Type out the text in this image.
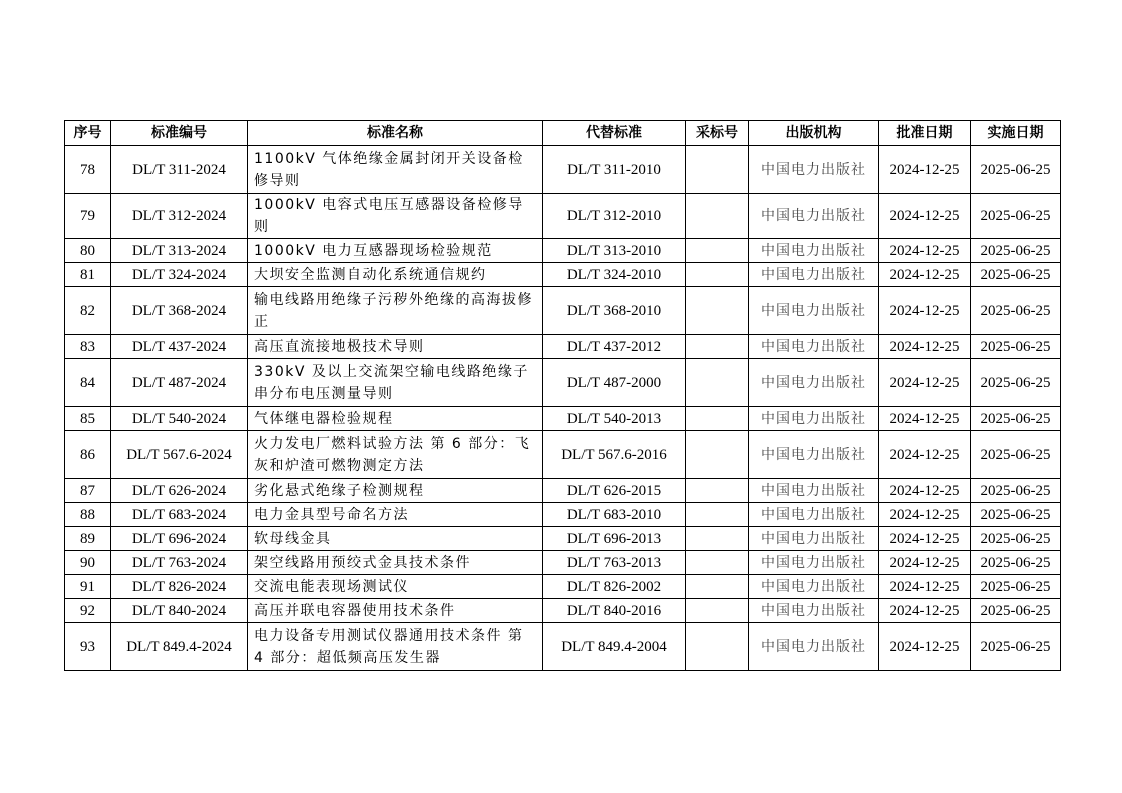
序号	标准编号	标准名称	代替标准	采标号	出版机构	批准日期	实施日期
78	DL/T 311-2024	1100kV 气体绝缘金属封闭开关设备检修导则	DL/T 311-2010		中国电力出版社	2024-12-25	2025-06-25
79	DL/T 312-2024	1000kV 电容式电压互感器设备检修导则	DL/T 312-2010		中国电力出版社	2024-12-25	2025-06-25
80	DL/T 313-2024	1000kV 电力互感器现场检验规范	DL/T 313-2010		中国电力出版社	2024-12-25	2025-06-25
81	DL/T 324-2024	大坝安全监测自动化系统通信规约	DL/T 324-2010		中国电力出版社	2024-12-25	2025-06-25
82	DL/T 368-2024	输电线路用绝缘子污秽外绝缘的高海拔修正	DL/T 368-2010		中国电力出版社	2024-12-25	2025-06-25
83	DL/T 437-2024	高压直流接地极技术导则	DL/T 437-2012		中国电力出版社	2024-12-25	2025-06-25
84	DL/T 487-2024	330kV 及以上交流架空输电线路绝缘子串分布电压测量导则	DL/T 487-2000		中国电力出版社	2024-12-25	2025-06-25
85	DL/T 540-2024	气体继电器检验规程	DL/T 540-2013		中国电力出版社	2024-12-25	2025-06-25
86	DL/T 567.6-2024	火力发电厂燃料试验方法 第 6 部分：飞灰和炉渣可燃物测定方法	DL/T 567.6-2016		中国电力出版社	2024-12-25	2025-06-25
87	DL/T 626-2024	劣化悬式绝缘子检测规程	DL/T 626-2015		中国电力出版社	2024-12-25	2025-06-25
88	DL/T 683-2024	电力金具型号命名方法	DL/T 683-2010		中国电力出版社	2024-12-25	2025-06-25
89	DL/T 696-2024	软母线金具	DL/T 696-2013		中国电力出版社	2024-12-25	2025-06-25
90	DL/T 763-2024	架空线路用预绞式金具技术条件	DL/T 763-2013		中国电力出版社	2024-12-25	2025-06-25
91	DL/T 826-2024	交流电能表现场测试仪	DL/T 826-2002		中国电力出版社	2024-12-25	2025-06-25
92	DL/T 840-2024	高压并联电容器使用技术条件	DL/T 840-2016		中国电力出版社	2024-12-25	2025-06-25
93	DL/T 849.4-2024	电力设备专用测试仪器通用技术条件 第 4 部分：超低频高压发生器	DL/T 849.4-2004		中国电力出版社	2024-12-25	2025-06-25
